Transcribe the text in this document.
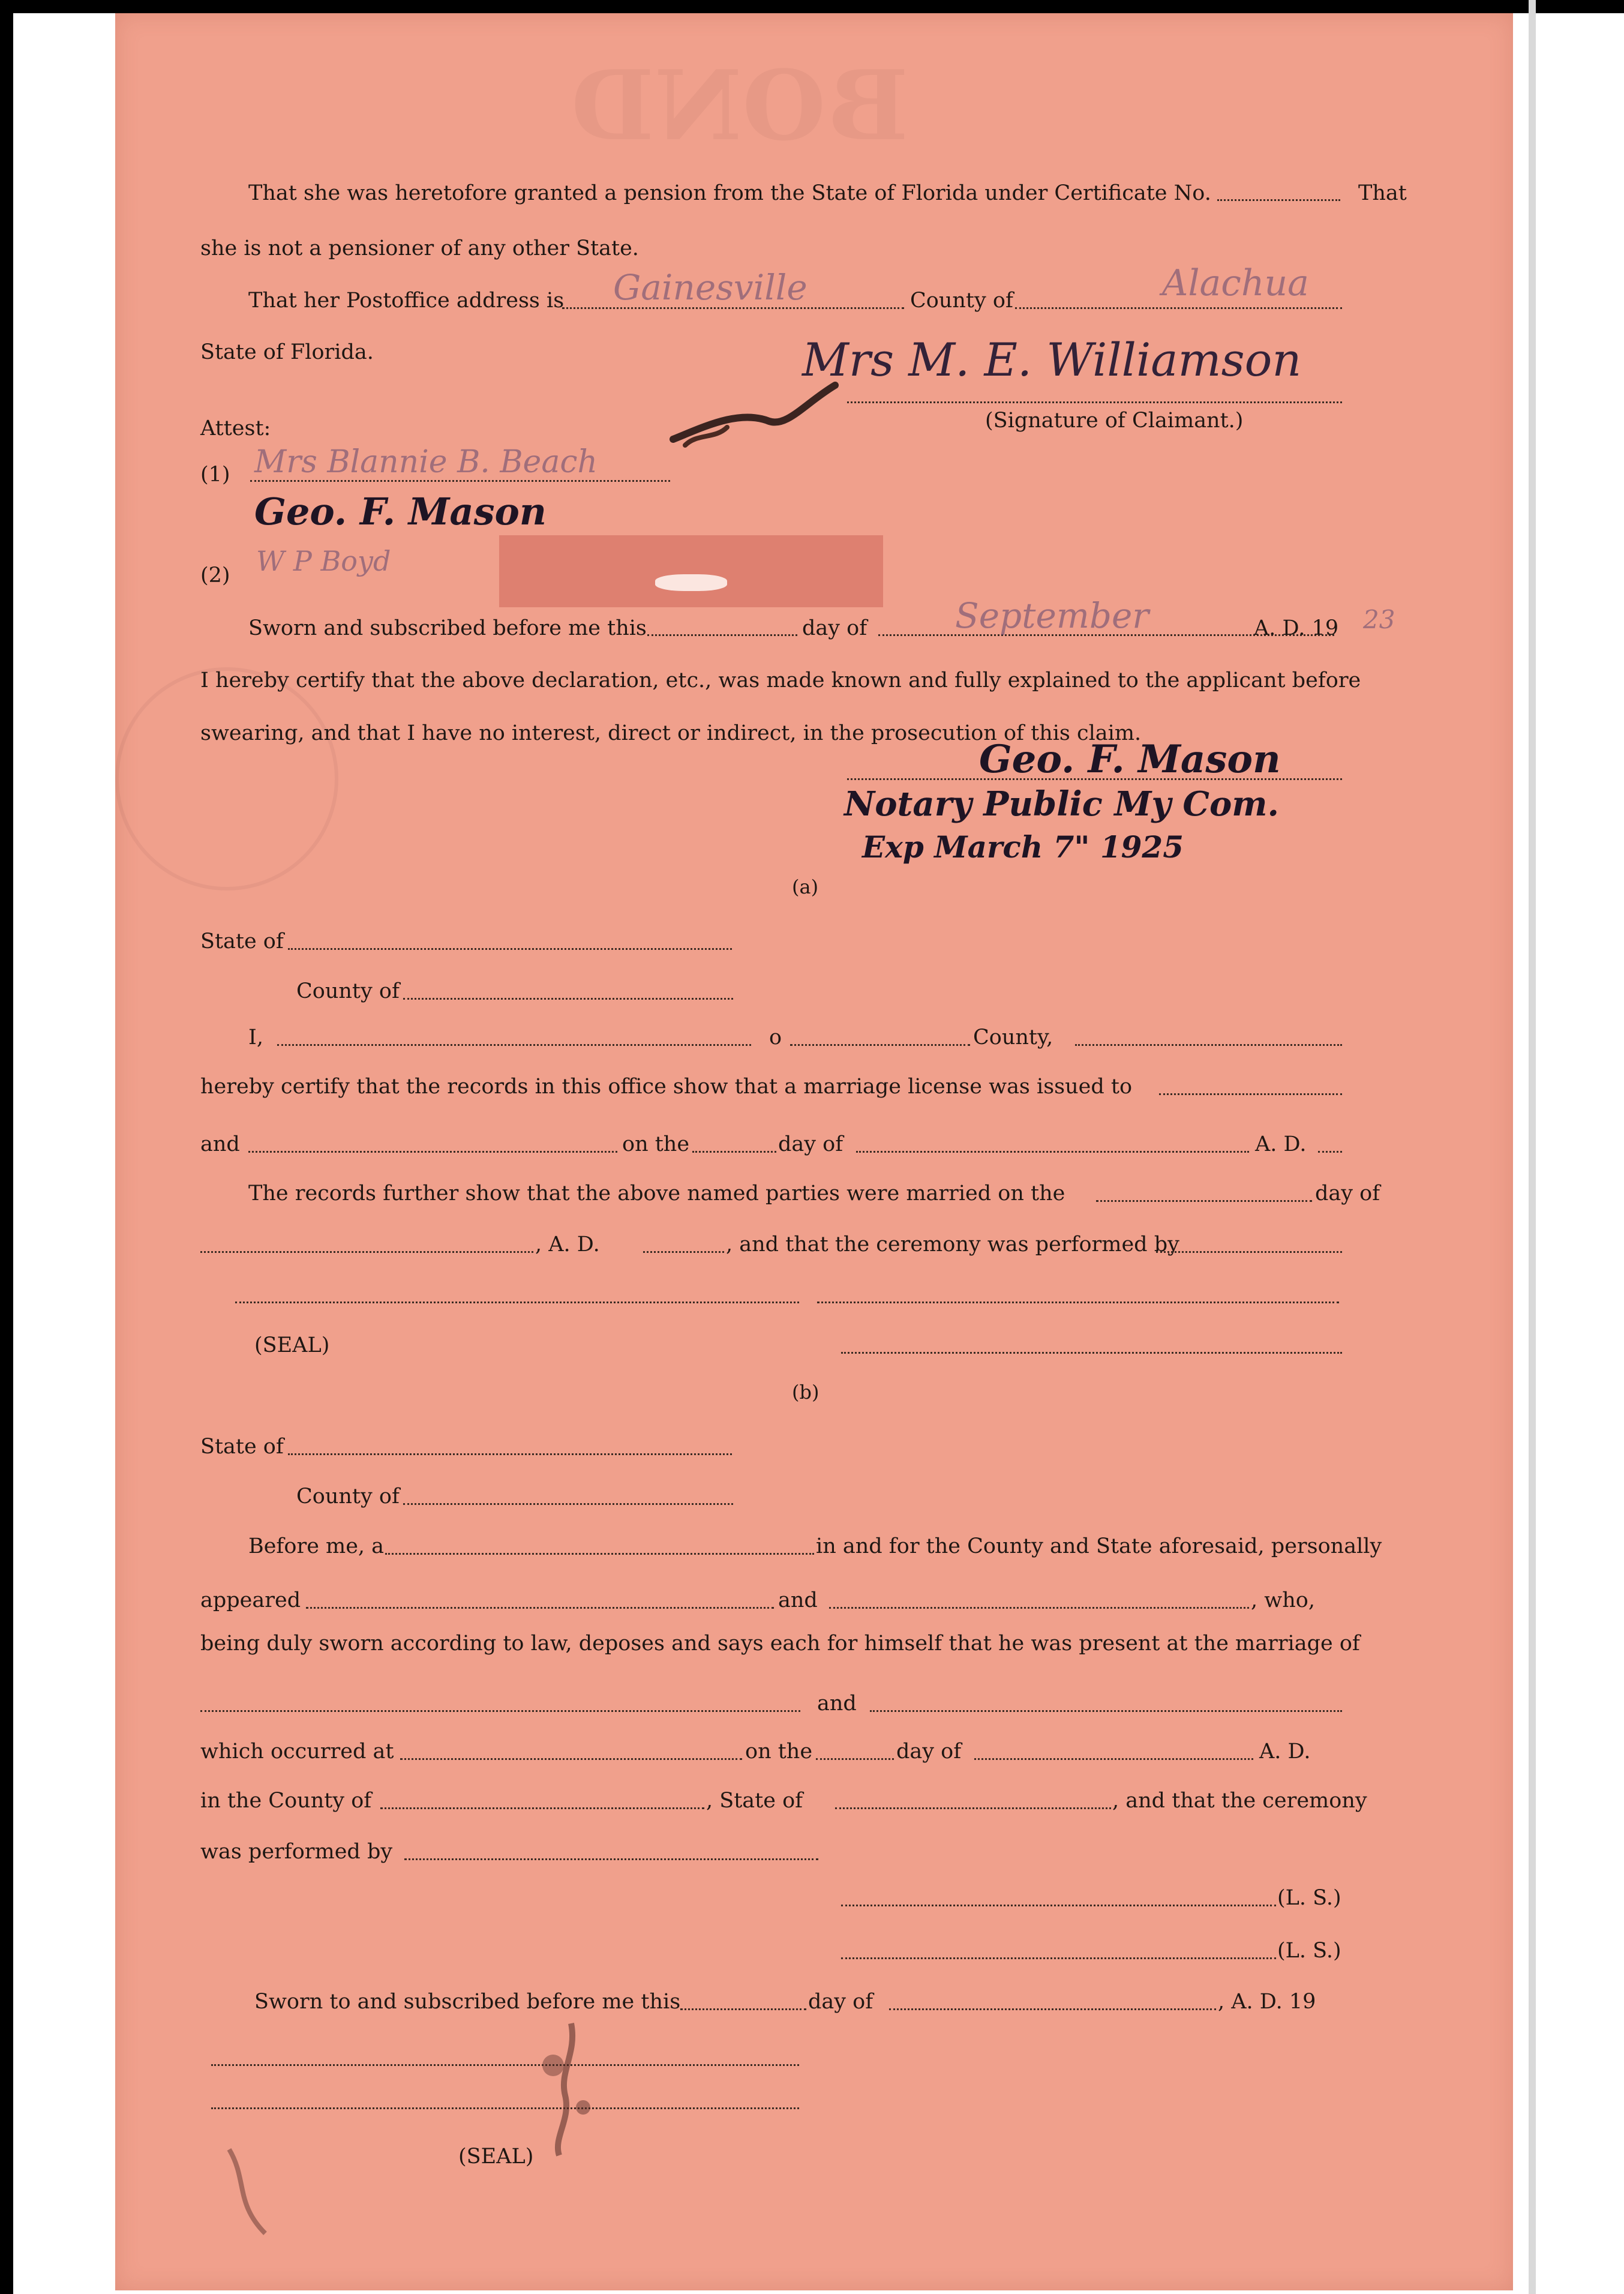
BOND
That she was heretofore granted a pension from the State of Florida under Certificate No.	That
she is not a pensioner of any other State.
That her Postoffice address is Gainesville	County of	Alachua
State of Florida.	Mrs M. E. Williamson
(Signature of Claimant.)
Attest:
(1) Mrs Blannie B. Beach
Geo. F. Mason
(2) W P Boyd
Sworn and subscribed before me this	day of	September	A. D. 19 23
I hereby certify that the above declaration, etc., was made known and fully explained to the applicant before
swearing, and that I have no interest, direct or indirect, in the prosecution of this claim.
Geo. F. Mason
Notary Public My Com.
Exp March 7" 1925
(a)
State of
County of
I,	o	County,
hereby certify that the records in this office show that a marriage license was issued to
and	on the	day of	A. D.
The records further show that the above named parties were married on the	day of
, A. D.	, and that the ceremony was performed by
(SEAL)
(b)
State of
County of
Before me, a	in and for the County and State aforesaid, personally
appeared	and	, who,
being duly sworn according to law, deposes and says each for himself that he was present at the marriage of
and
which occurred at	on the	day of	A. D.
in the County of	, State of	, and that the ceremony
was performed by
(L. S.)
(L. S.)
Sworn to and subscribed before me this	day of	, A. D. 19
(SEAL)
